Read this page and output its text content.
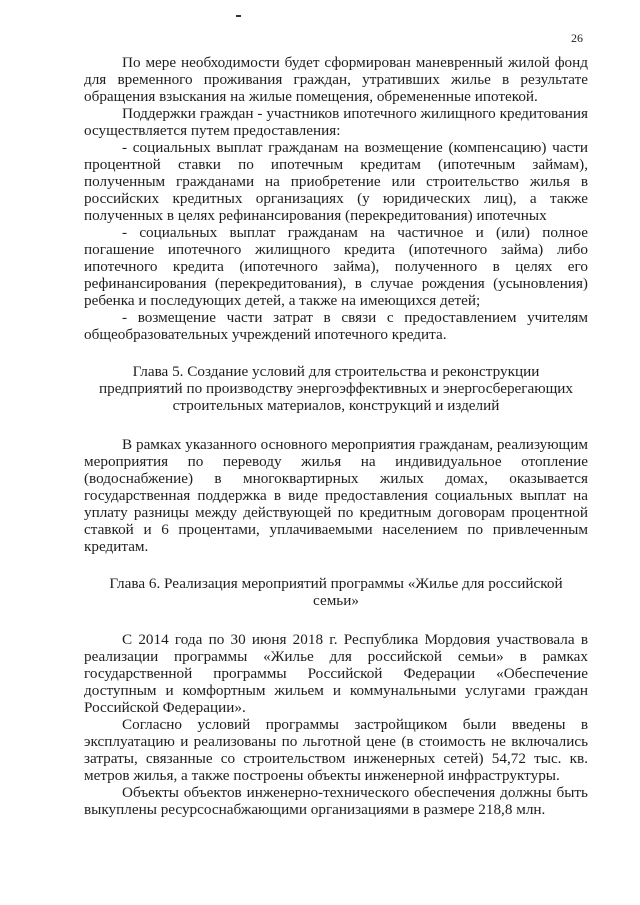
26

По мере необходимости будет сформирован маневренный жилой фонд для временного проживания граждан, утративших жилье в результате обращения взыскания на жилые помещения, обремененные ипотекой.

Поддержки граждан - участников ипотечного жилищного кредитования осуществляется путем предоставления:

- социальных выплат гражданам на возмещение (компенсацию) части процентной ставки по ипотечным кредитам (ипотечным займам), полученным гражданами на приобретение или строительство жилья в российских кредитных организациях (у юридических лиц), а также полученных в целях рефинансирования (перекредитования) ипотечных

- социальных выплат гражданам на частичное и (или) полное погашение ипотечного жилищного кредита (ипотечного займа) либо ипотечного кредита (ипотечного займа), полученного в целях его рефинансирования (перекредитования), в случае рождения (усыновления) ребенка и последующих детей, а также на имеющихся детей;

- возмещение части затрат в связи с предоставлением учителям общеобразовательных учреждений ипотечного кредита.

Глава 5. Создание условий для строительства и реконструкции предприятий по производству энергоэффективных и энергосберегающих строительных материалов, конструкций и изделий

В рамках указанного основного мероприятия гражданам, реализующим мероприятия по переводу жилья на индивидуальное отопление (водоснабжение) в многоквартирных жилых домах, оказывается государственная поддержка в виде предоставления социальных выплат на уплату разницы между действующей по кредитным договорам процентной ставкой и 6 процентами, уплачиваемыми населением по привлеченным кредитам.

Глава 6. Реализация мероприятий программы «Жилье для российской семьи»

С 2014 года по 30 июня 2018 г. Республика Мордовия участвовала в реализации программы «Жилье для российской семьи» в рамках государственной программы Российской Федерации «Обеспечение доступным и комфортным жильем и коммунальными услугами граждан Российской Федерации».

Согласно условий программы застройщиком были введены в эксплуатацию и реализованы по льготной цене (в стоимость не включались затраты, связанные со строительством инженерных сетей) 54,72 тыс. кв. метров жилья, а также построены объекты инженерной инфраструктуры.

Объекты объектов инженерно-технического обеспечения должны быть выкуплены ресурсоснабжающими организациями в размере 218,8 млн.
